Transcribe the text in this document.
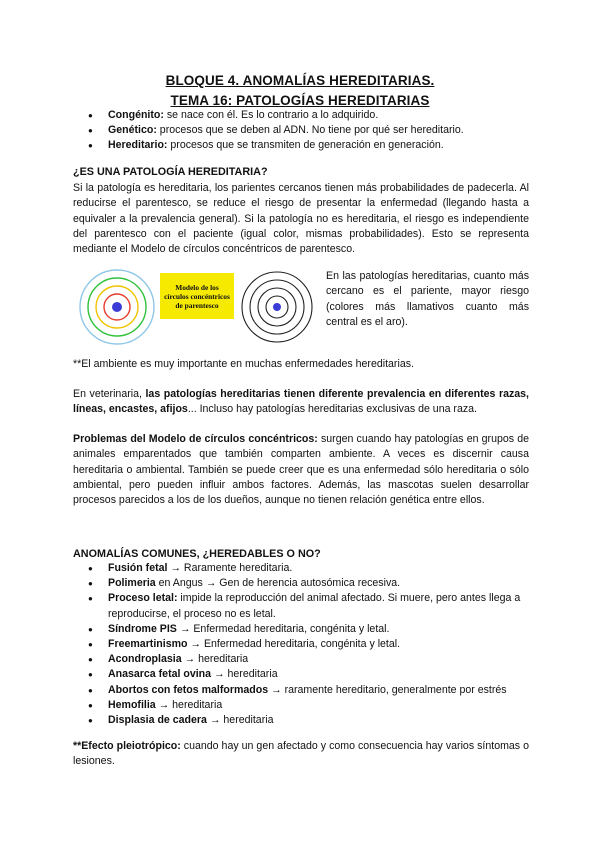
BLOQUE 4. ANOMALÍAS HEREDITARIAS.
TEMA 16: PATOLOGÍAS HEREDITARIAS
● Congénito: se nace con él. Es lo contrario a lo adquirido.
● Genético: procesos que se deben al ADN. No tiene por qué ser hereditario.
● Hereditario: procesos que se transmiten de generación en generación.
¿ES UNA PATOLOGÍA HEREDITARIA?
Si la patología es hereditaria, los parientes cercanos tienen más probabilidades de padecerla. Al reducirse el parentesco, se reduce el riesgo de presentar la enfermedad (llegando hasta a equivaler a la prevalencia general). Si la patología no es hereditaria, el riesgo es independiente del parentesco con el paciente (igual color, mismas probabilidades). Esto se representa mediante el Modelo de círculos concéntricos de parentesco.
Modelo de los círculos concéntricos de parentesco
En las patologías hereditarias, cuanto más cercano es el pariente, mayor riesgo (colores más llamativos cuanto más central es el aro).
**El ambiente es muy importante en muchas enfermedades hereditarias.
En veterinaria, las patologías hereditarias tienen diferente prevalencia en diferentes razas, líneas, encastes, afijos... Incluso hay patologías hereditarias exclusivas de una raza.
Problemas del Modelo de círculos concéntricos: surgen cuando hay patologías en grupos de animales emparentados que también comparten ambiente. A veces es discernir causa hereditaria o ambiental. También se puede creer que es una enfermedad sólo hereditaria o sólo ambiental, pero pueden influir ambos factores. Además, las mascotas suelen desarrollar procesos parecidos a los de los dueños, aunque no tienen relación genética entre ellos.
ANOMALÍAS COMUNES, ¿HEREDABLES O NO?
● Fusión fetal → Raramente hereditaria.
● Polimeria en Angus → Gen de herencia autosómica recesiva.
● Proceso letal: impide la reproducción del animal afectado. Si muere, pero antes llega a reproducirse, el proceso no es letal.
● Síndrome PIS → Enfermedad hereditaria, congénita y letal.
● Freemartinismo → Enfermedad hereditaria, congénita y letal.
● Acondroplasia → hereditaria
● Anasarca fetal ovina → hereditaria
● Abortos con fetos malformados → raramente hereditario, generalmente por estrés
● Hemofilia → hereditaria
● Displasia de cadera → hereditaria
**Efecto pleiotrópico: cuando hay un gen afectado y como consecuencia hay varios síntomas o lesiones.
